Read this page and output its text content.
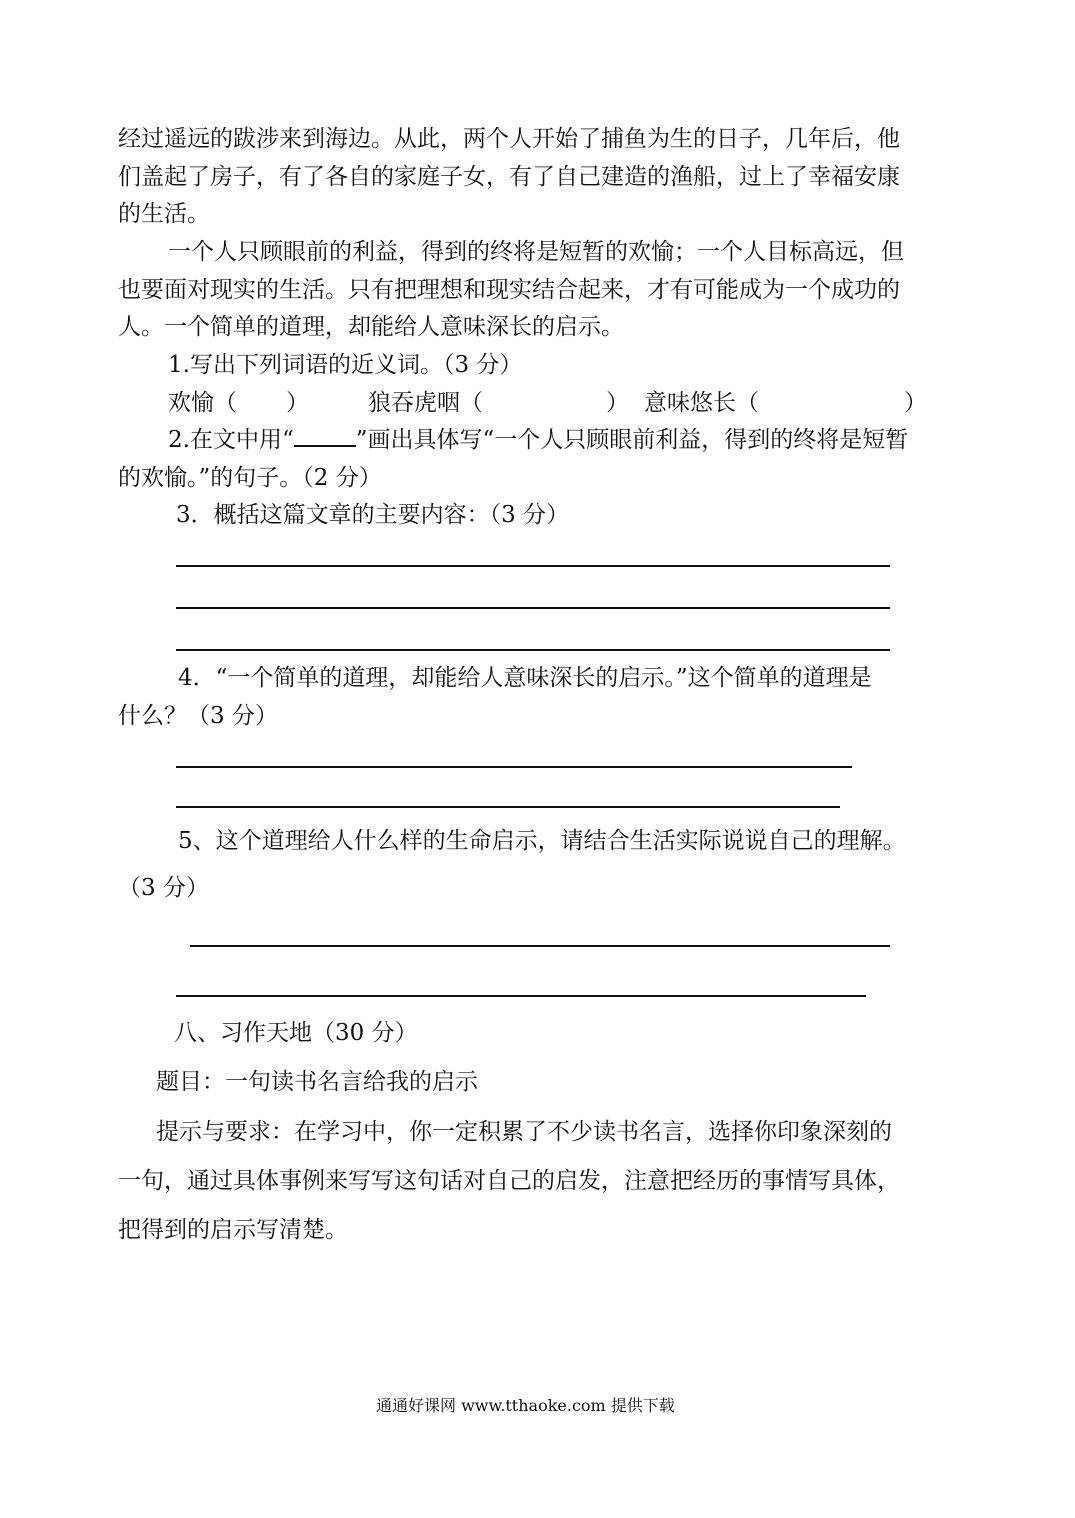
经过遥远的跋涉来到海边。从此，两个人开始了捕鱼为生的日子，几年后，他
们盖起了房子，有了各自的家庭子女，有了自己建造的渔船，过上了幸福安康
的生活。
一个人只顾眼前的利益，得到的终将是短暂的欢愉；一个人目标高远，但
也要面对现实的生活。只有把理想和现实结合起来，才有可能成为一个成功的
人。一个简单的道理，却能给人意味深长的启示。
1.写出下列词语的近义词。（3 分）
欢愉（ ）	狼吞虎咽（	） 意味悠长（	）
2.在文中用“	”画出具体写“一个人只顾眼前利益，得到的终将是短暂
的欢愉。”的句子。（2 分）
3．概括这篇文章的主要内容：（3 分）
4．“一个简单的道理，却能给人意味深长的启示。”这个简单的道理是
什么？（3 分）
5、这个道理给人什么样的生命启示，请结合生活实际说说自己的理解。
（3 分）
八、习作天地（30 分）
题目：一句读书名言给我的启示
提示与要求：在学习中，你一定积累了不少读书名言，选择你印象深刻的
一句，通过具体事例来写写这句话对自己的启发，注意把经历的事情写具体，
把得到的启示写清楚。
通通好课网 www.tthaoke.com 提供下载
